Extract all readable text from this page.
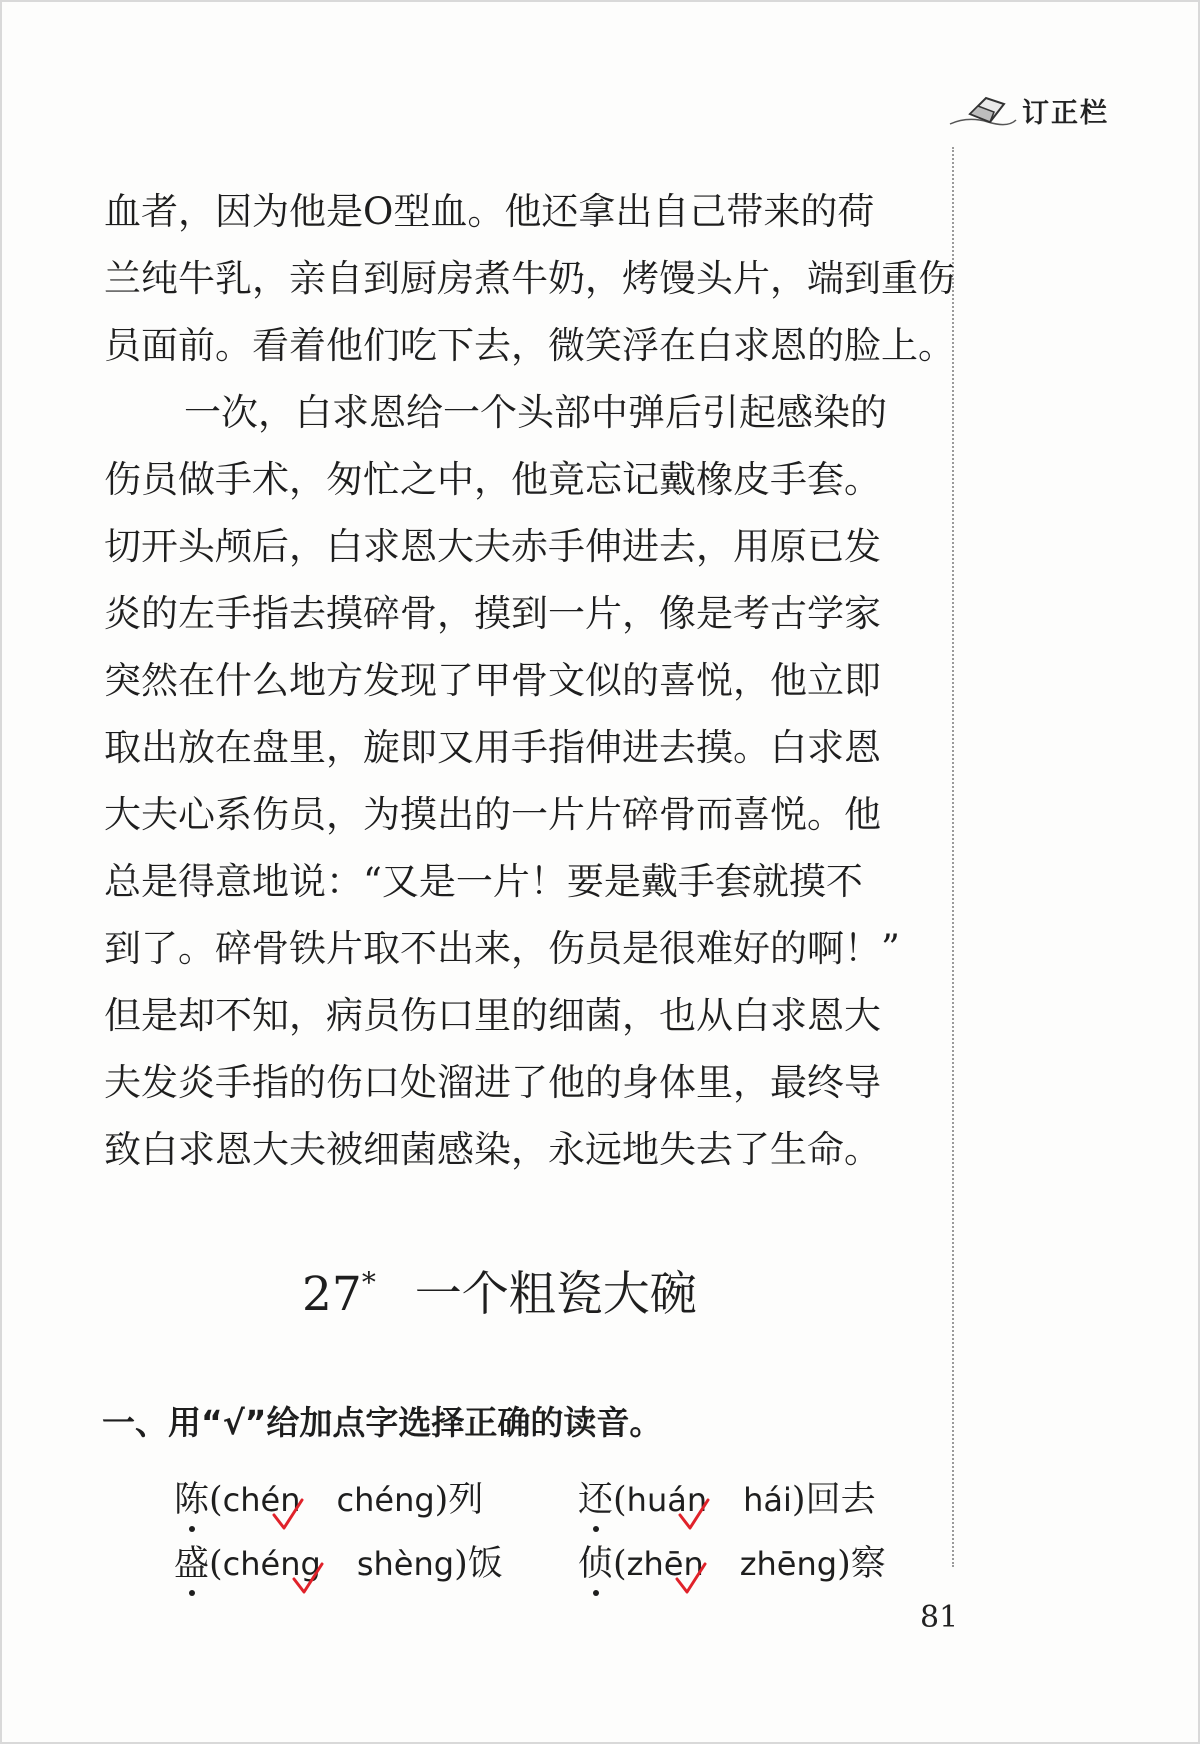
订正栏
血者，因为他是O型血。他还拿出自己带来的荷
兰纯牛乳，亲自到厨房煮牛奶，烤馒头片，端到重伤
员面前。看着他们吃下去，微笑浮在白求恩的脸上。
一次，白求恩给一个头部中弹后引起感染的
伤员做手术，匆忙之中，他竟忘记戴橡皮手套。
切开头颅后，白求恩大夫赤手伸进去，用原已发
炎的左手指去摸碎骨，摸到一片，像是考古学家
突然在什么地方发现了甲骨文似的喜悦，他立即
取出放在盘里，旋即又用手指伸进去摸。白求恩
大夫心系伤员，为摸出的一片片碎骨而喜悦。他
总是得意地说：“又是一片！要是戴手套就摸不
到了。碎骨铁片取不出来，伤员是很难好的啊！”
但是却不知，病员伤口里的细菌，也从白求恩大
夫发炎手指的伤口处溜进了他的身体里，最终导
致白求恩大夫被细菌感染，永远地失去了生命。
27* 一个粗瓷大碗
一、用“√”给加点字选择正确的读音。
陈(chén chéng)列	还(huán hái)回去
盛(chéng shèng)饭 侦(zhēn zhēng)察
81
